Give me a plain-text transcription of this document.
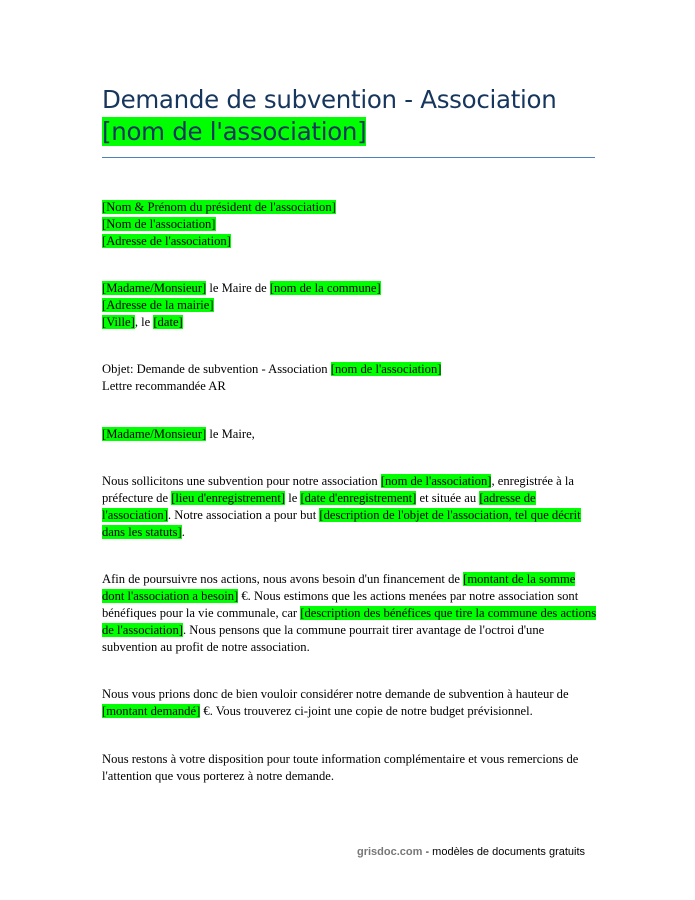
Demande de subvention - Association
[nom de l'association]

[Nom & Prénom du président de l'association]

[Nom de l'association]

[Adresse de l'association]

[Madame/Monsieur] le Maire de [nom de la commune]

[Adresse de la mairie]

[Ville], le [date]

Objet: Demande de subvention - Association [nom de l'association]

Lettre recommandée AR

[Madame/Monsieur] le Maire,

Nous sollicitons une subvention pour notre association [nom de l'association], enregistrée à la préfecture de [lieu d'enregistrement] le [date d'enregistrement] et située au [adresse de l'association]. Notre association a pour but [description de l'objet de l'association, tel que décrit dans les statuts].

Afin de poursuivre nos actions, nous avons besoin d'un financement de [montant de la somme dont l'association a besoin] €. Nous estimons que les actions menées par notre association sont bénéfiques pour la vie communale, car [description des bénéfices que tire la commune des actions de l'association]. Nous pensons que la commune pourrait tirer avantage de l'octroi d'une subvention au profit de notre association.

Nous vous prions donc de bien vouloir considérer notre demande de subvention à hauteur de [montant demandé] €. Vous trouverez ci-joint une copie de notre budget prévisionnel.

Nous restons à votre disposition pour toute information complémentaire et vous remercions de l'attention que vous porterez à notre demande.

grisdoc.com - modèles de documents gratuits
